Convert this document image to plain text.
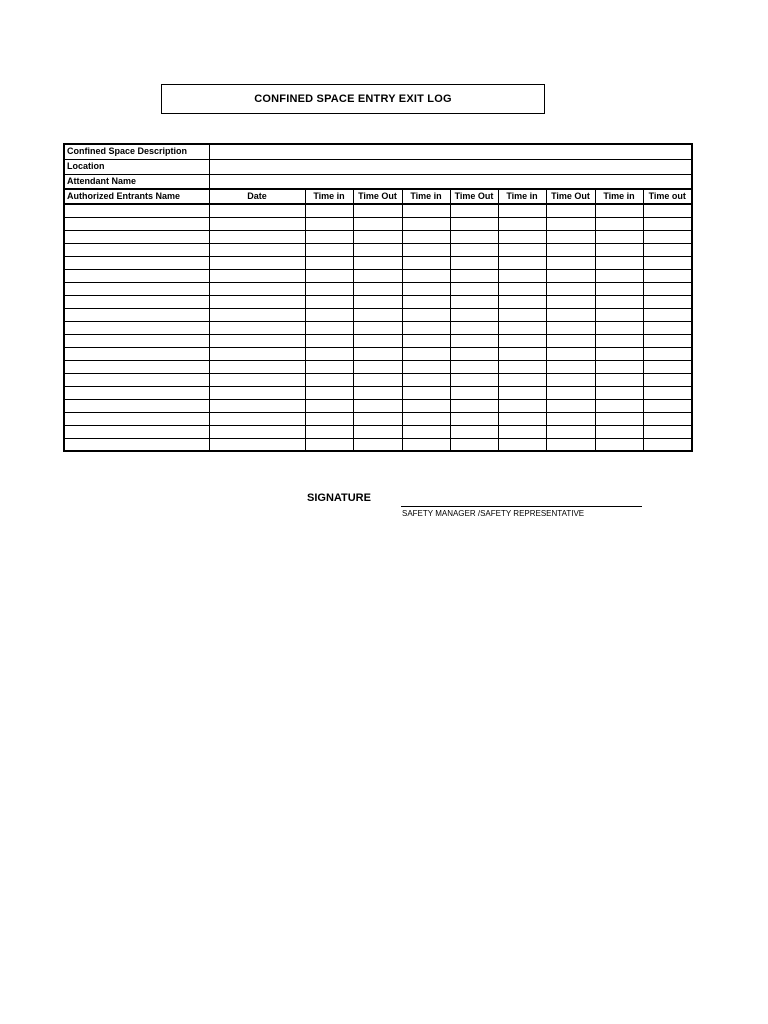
CONFINED SPACE ENTRY EXIT LOG
Confined Space Description									
Location									
Attendant Name									
Authorized Entrants Name	Date	Time in	Time Out	Time in	Time Out	Time in	Time Out	Time in	Time out

SIGNATURE
SAFETY MANAGER /SAFETY REPRESENTATIVE
